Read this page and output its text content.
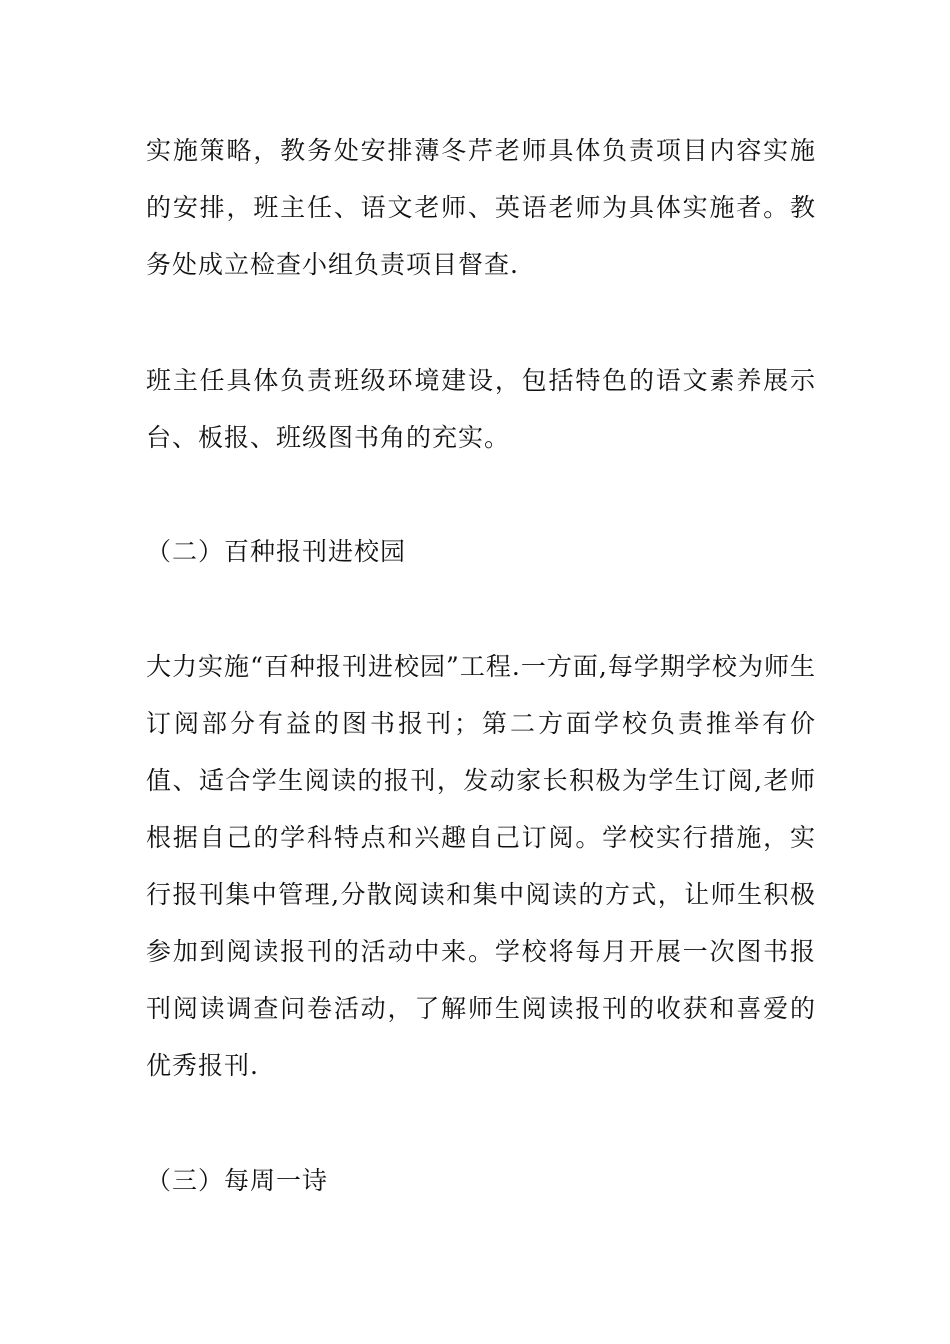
实施策略，教务处安排薄冬芹老师具体负责项目内容实施的安排，班主任、语文老师、英语老师为具体实施者。教务处成立检查小组负责项目督查.

班主任具体负责班级环境建设，包括特色的语文素养展示台、板报、班级图书角的充实。

（二）百种报刊进校园

大力实施“百种报刊进校园”工程.一方面,每学期学校为师生订阅部分有益的图书报刊；第二方面学校负责推举有价值、适合学生阅读的报刊，发动家长积极为学生订阅,老师根据自己的学科特点和兴趣自己订阅。学校实行措施，实行报刊集中管理,分散阅读和集中阅读的方式，让师生积极参加到阅读报刊的活动中来。学校将每月开展一次图书报刊阅读调查问卷活动，了解师生阅读报刊的收获和喜爱的优秀报刊.

（三）每周一诗
